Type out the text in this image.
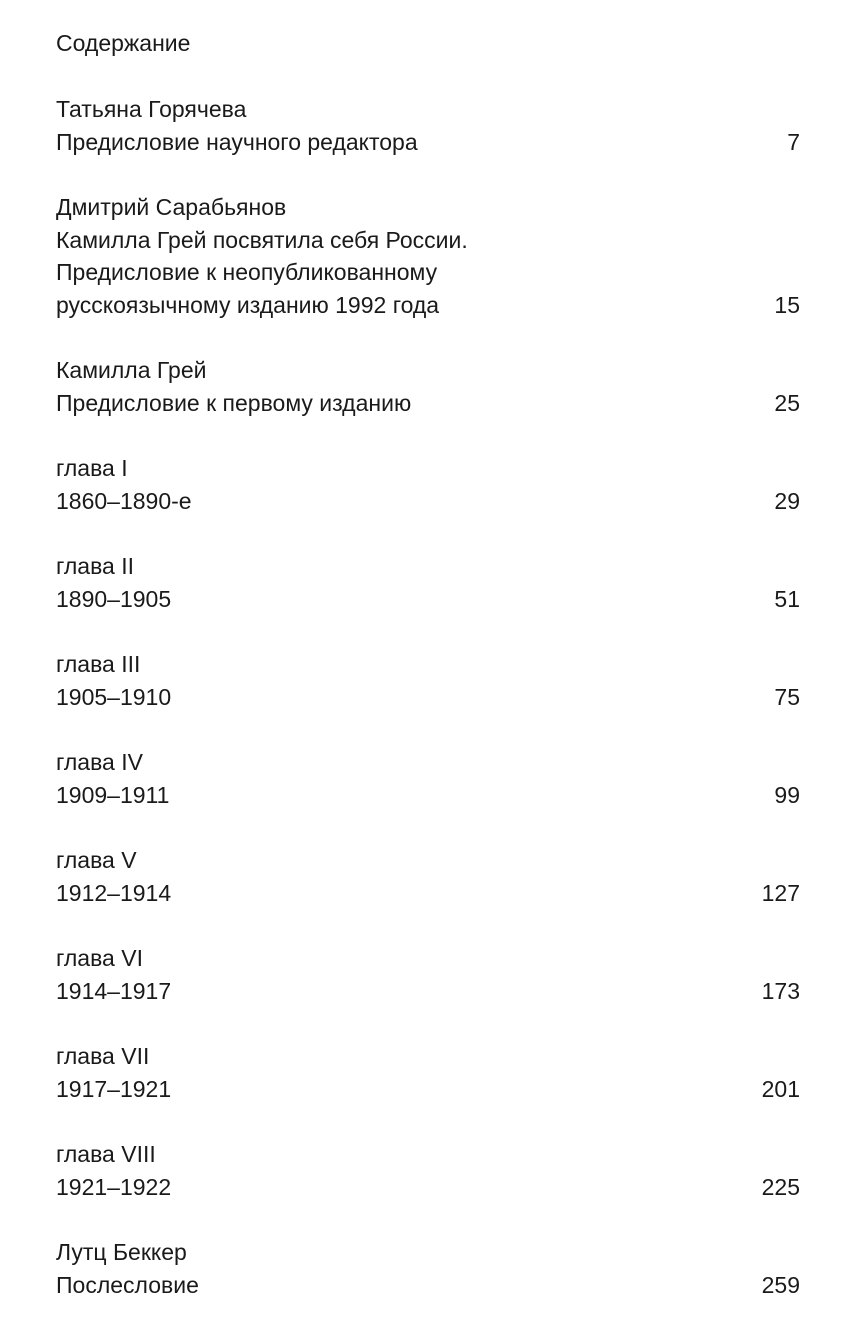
Содержание
Татьяна Горячева
Предисловие научного редактора	7
Дмитрий Сарабьянов
Камилла Грей посвятила себя России.
Предисловие к неопубликованному
русскоязычному изданию 1992 года	15
Камилла Грей
Предисловие к первому изданию	25
глава I
1860–1890-е	29
глава II
1890–1905	51
глава III
1905–1910	75
глава IV
1909–1911	99
глава V
1912–1914	127
глава VI
1914–1917	173
глава VII
1917–1921	201
глава VIII
1921–1922	225
Лутц Беккер
Послесловие	259
